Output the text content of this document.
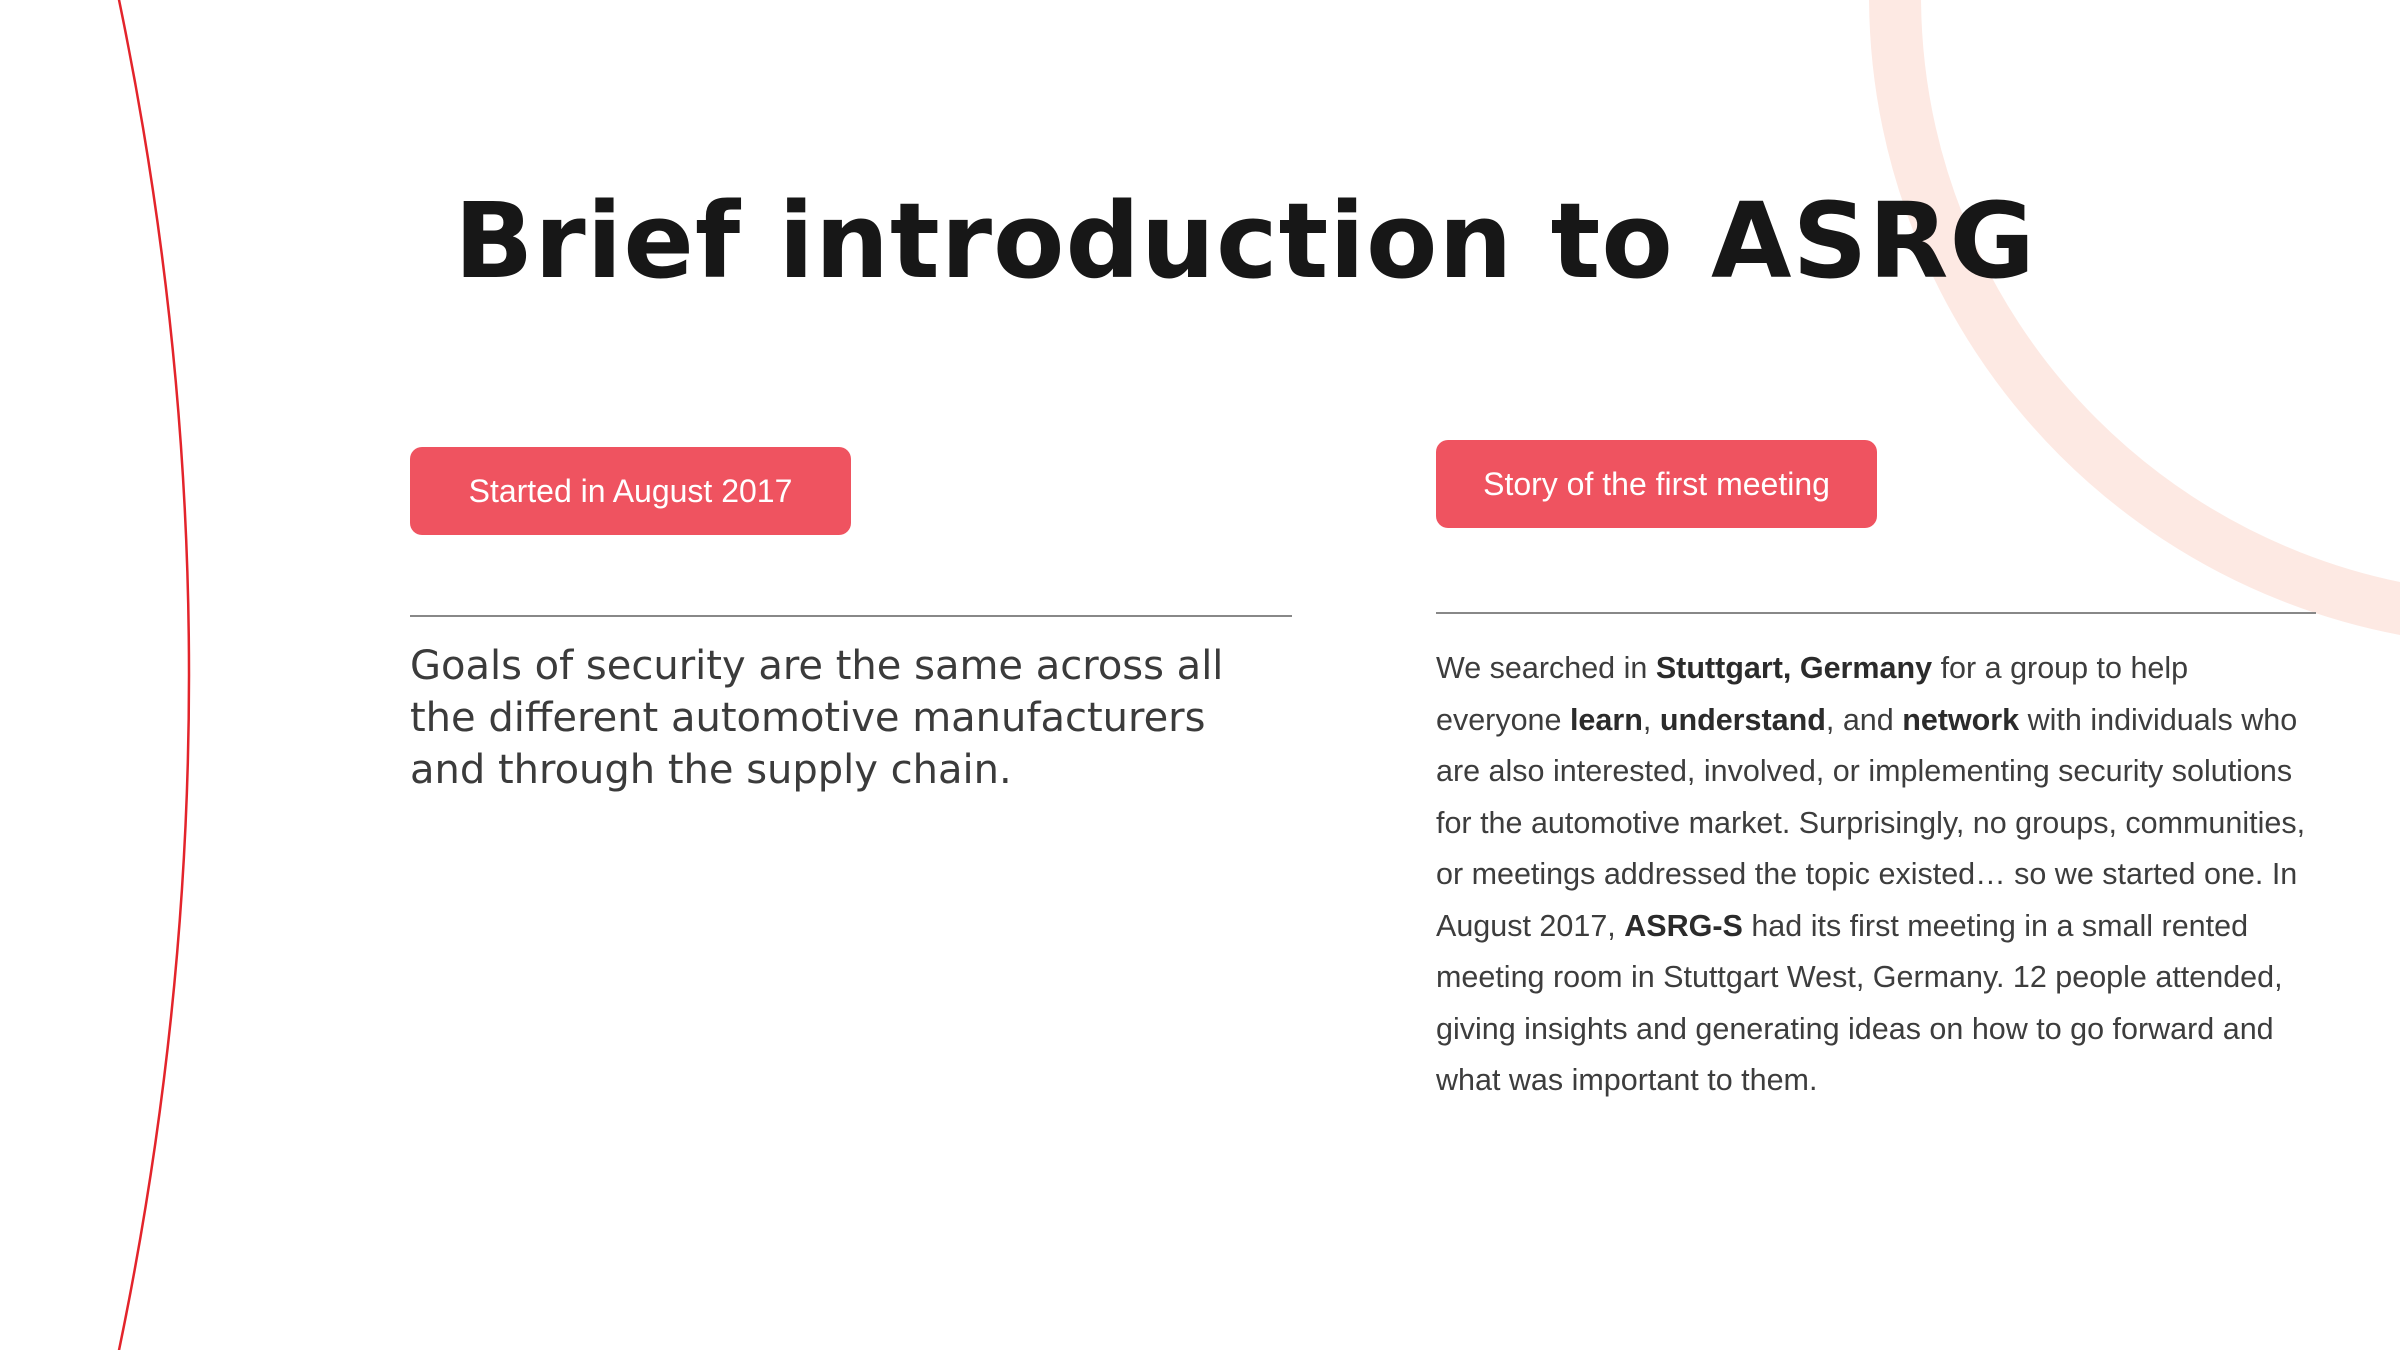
Brief introduction to ASRG
Started in August 2017	Story of the first meeting

Goals of security are the same across all the different automotive manufacturers and through the supply chain.

We searched in Stuttgart, Germany for a group to help everyone learn, understand, and network with individuals who are also interested, involved, or implementing security solutions for the automotive market. Surprisingly, no groups, communities, or meetings addressed the topic existed… so we started one. In August 2017, ASRG-S had its first meeting in a small rented meeting room in Stuttgart West, Germany. 12 people attended, giving insights and generating ideas on how to go forward and what was important to them.
